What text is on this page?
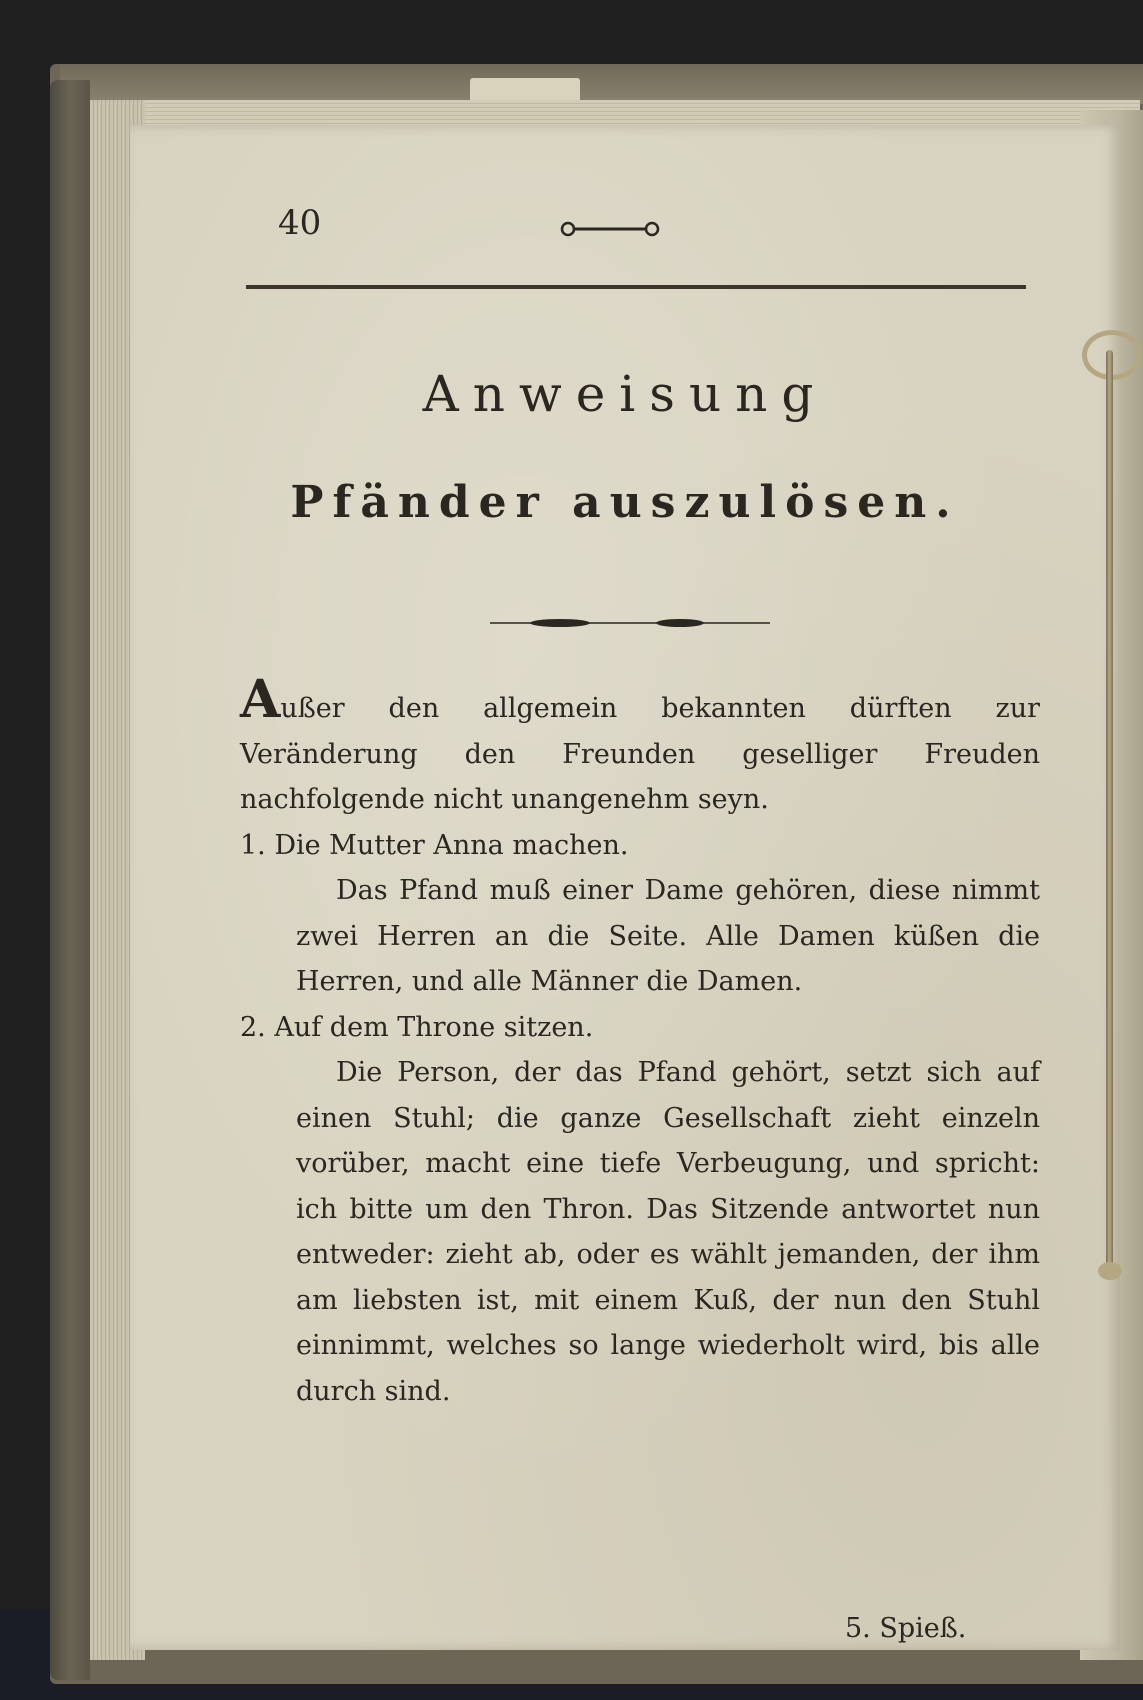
40
Anweisung
Pfänder auszulösen.

Außer den allgemein bekannten dürften zur Veränderung den Freunden geselliger Freuden nachfolgende nicht unangenehm seyn.

1. Die Mutter Anna machen.

Das Pfand muß einer Dame gehören, diese nimmt zwei Herren an die Seite. Alle Damen küßen die Herren, und alle Männer die Damen.

2. Auf dem Throne sitzen.

Die Person, der das Pfand gehört, setzt sich auf einen Stuhl; die ganze Gesellschaft zieht einzeln vorüber, macht eine tiefe Verbeugung, und spricht: ich bitte um den Thron. Das Sitzende antwortet nun entweder: zieht ab, oder es wählt jemanden, der ihm am liebsten ist, mit einem Kuß, der nun den Stuhl einnimmt, welches so lange wiederholt wird, bis alle durch sind.

5. Spieß.
